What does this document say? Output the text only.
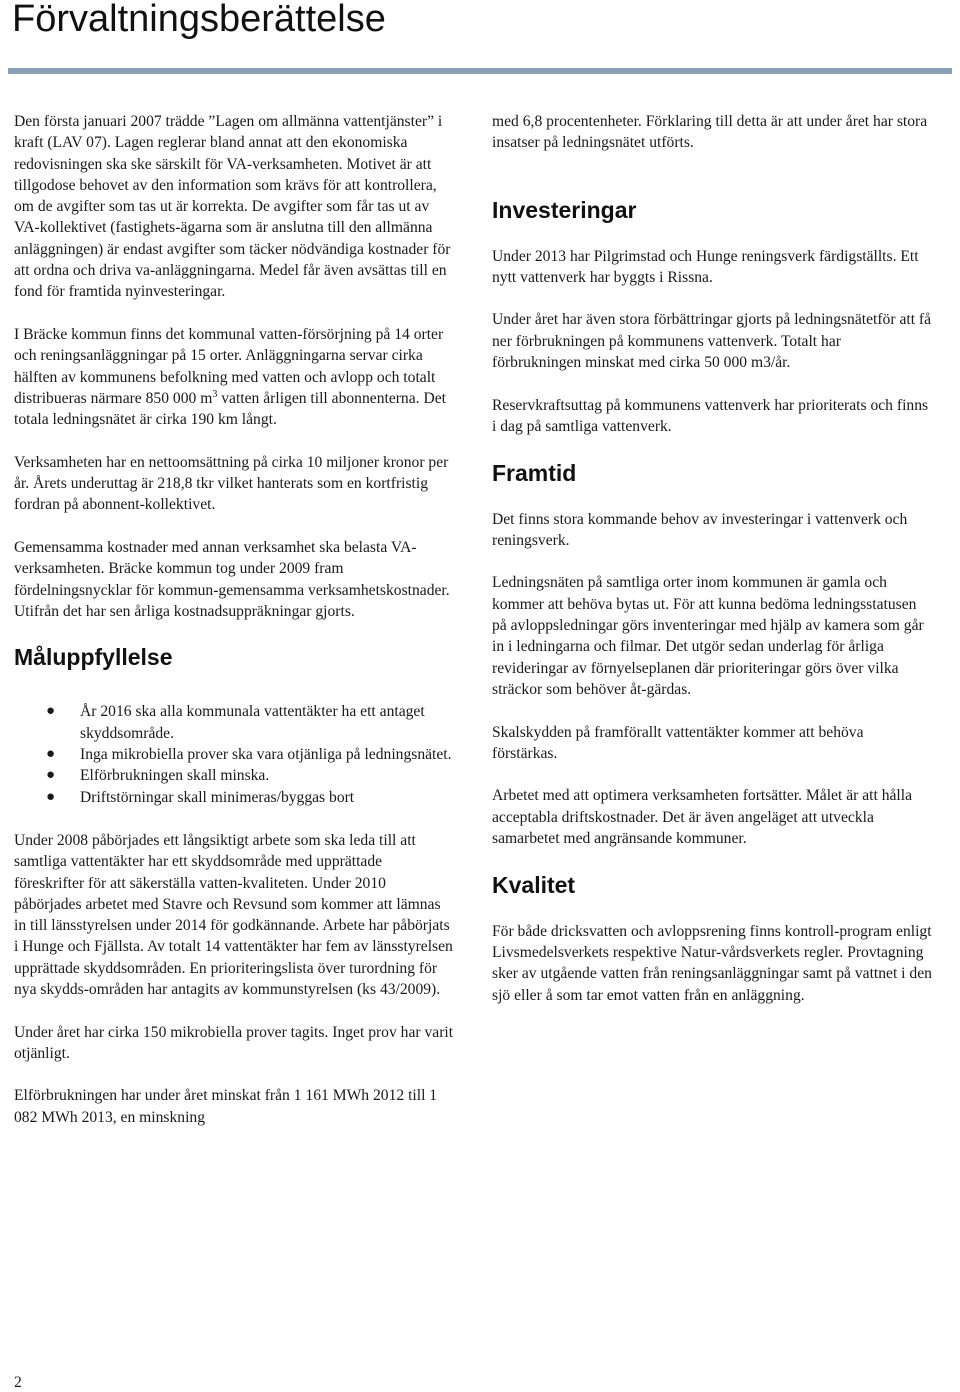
Förvaltningsberättelse

Den första januari 2007 trädde ”Lagen om allmänna vattentjänster” i kraft (LAV 07). Lagen reglerar bland annat att den ekonomiska redovisningen ska ske särskilt för VA-verksamheten. Motivet är att tillgodose behovet av den information som krävs för att kontrollera, om de avgifter som tas ut är korrekta. De avgifter som får tas ut av VA-kollektivet (fastighets-ägarna som är anslutna till den allmänna anläggningen) är endast avgifter som täcker nödvändiga kostnader för att ordna och driva va-anläggningarna. Medel får även avsättas till en fond för framtida nyinvesteringar.

I Bräcke kommun finns det kommunal vatten-försörjning på 14 orter och reningsanläggningar på 15 orter. Anläggningarna servar cirka hälften av kommunens befolkning med vatten och avlopp och totalt distribueras närmare 850 000 $m^3$ vatten årligen till abonnenterna. Det totala ledningsnätet är cirka 190 km långt.

Verksamheten har en nettoomsättning på cirka 10 miljoner kronor per år. Årets underuttag är 218,8 tkr vilket hanterats som en kortfristig fordran på abonnent-kollektivet.

Gemensamma kostnader med annan verksamhet ska belasta VA-verksamheten. Bräcke kommun tog under 2009 fram fördelningsnycklar för kommun-gemensamma verksamhetskostnader. Utifrån det har sen årliga kostnadsuppräkningar gjorts.

Måluppfyllelse
● År 2016 ska alla kommunala vattentäkter ha ett antaget skyddsområde.
● Inga mikrobiella prover ska vara otjänliga på ledningsnätet.
● Elförbrukningen skall minska.
● Driftstörningar skall minimeras/byggas bort

Under 2008 påbörjades ett långsiktigt arbete som ska leda till att samtliga vattentäkter har ett skyddsområde med upprättade föreskrifter för att säkerställa vatten-kvaliteten. Under 2010 påbörjades arbetet med Stavre och Revsund som kommer att lämnas in till länsstyrelsen under 2014 för godkännande. Arbete har påbörjats i Hunge och Fjällsta. Av totalt 14 vattentäkter har fem av länsstyrelsen upprättade skyddsområden. En prioriteringslista över turordning för nya skydds-områden har antagits av kommunstyrelsen (ks 43/2009).

Under året har cirka 150 mikrobiella prover tagits. Inget prov har varit otjänligt.

Elförbrukningen har under året minskat från 1 161 MWh 2012 till 1 082 MWh 2013, en minskning

med 6,8 procentenheter. Förklaring till detta är att under året har stora insatser på ledningsnätet utförts.

Investeringar

Under 2013 har Pilgrimstad och Hunge reningsverk färdigställts. Ett nytt vattenverk har byggts i Rissna.

Under året har även stora förbättringar gjorts på ledningsnätetför att få ner förbrukningen på kommunens vattenverk. Totalt har förbrukningen minskat med cirka 50 000 m3/år.

Reservkraftsuttag på kommunens vattenverk har prioriterats och finns i dag på samtliga vattenverk.

Framtid

Det finns stora kommande behov av investeringar i vattenverk och reningsverk.

Ledningsnäten på samtliga orter inom kommunen är gamla och kommer att behöva bytas ut. För att kunna bedöma ledningsstatusen på avloppsledningar görs inventeringar med hjälp av kamera som går in i ledningarna och filmar. Det utgör sedan underlag för årliga revideringar av förnyelseplanen där prioriteringar görs över vilka sträckor som behöver åt-gärdas.

Skalskydden på framförallt vattentäkter kommer att behöva förstärkas.

Arbetet med att optimera verksamheten fortsätter. Målet är att hålla acceptabla driftskostnader. Det är även angeläget att utveckla samarbetet med angränsande kommuner.

Kvalitet

För både dricksvatten och avloppsrening finns kontroll-program enligt Livsmedelsverkets respektive Natur-vårdsverkets regler. Provtagning sker av utgående vatten från reningsanläggningar samt på vattnet i den sjö eller å som tar emot vatten från en anläggning.

2
